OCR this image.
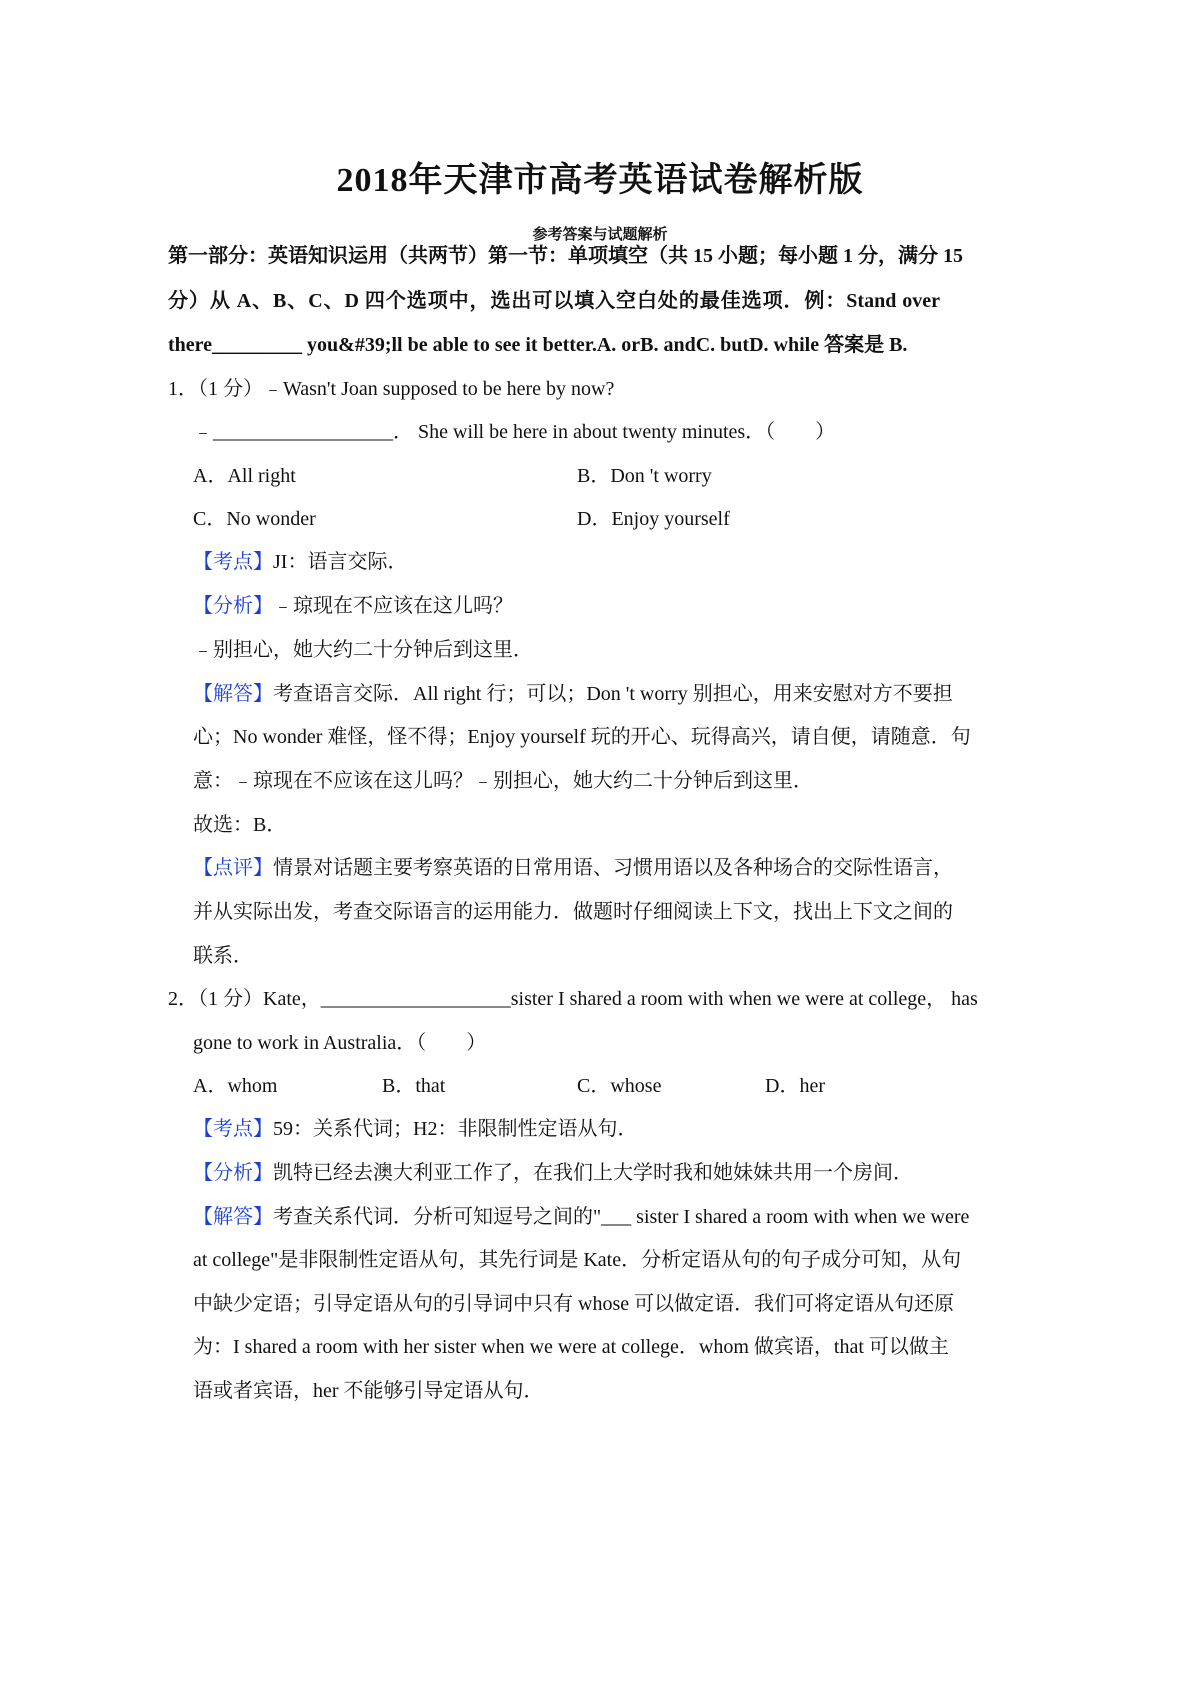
2018年天津市高考英语试卷解析版
参考答案与试题解析
第一部分：英语知识运用（共两节）第一节：单项填空（共 15 小题；每小题 1 分，满分 15
分）从 A、B、C、D 四个选项中，选出可以填入空白处的最佳选项．例：Stand over
there_________ you&#39;ll be able to see it better.A. orB. andC. butD. while 答案是 B.
1．（1 分）﹣Wasn't Joan supposed to be here by now?
﹣__________________． She will be here in about twenty minutes．（　　）
A．All right	B．Don 't worry
C．No wonder	D．Enjoy yourself
【考点】JI：语言交际．
【分析】﹣琼现在不应该在这儿吗？
﹣别担心，她大约二十分钟后到这里．
【解答】考查语言交际．All right 行；可以；Don 't worry 别担心，用来安慰对方不要担
心；No wonder 难怪，怪不得；Enjoy yourself 玩的开心、玩得高兴，请自便，请随意．句
意：﹣琼现在不应该在这儿吗？﹣别担心，她大约二十分钟后到这里．
故选：B．
【点评】情景对话题主要考察英语的日常用语、习惯用语以及各种场合的交际性语言，
并从实际出发，考查交际语言的运用能力．做题时仔细阅读上下文，找出上下文之间的
联系．
2．（1 分）Kate，___________________sister I shared a room with when we were at college， has
gone to work in Australia．（　　）
A．whom	B．that	C．whose	D．her
【考点】59：关系代词；H2：非限制性定语从句．
【分析】凯特已经去澳大利亚工作了，在我们上大学时我和她妹妹共用一个房间．
【解答】考查关系代词．分析可知逗号之间的"___ sister I shared a room with when we were
at college"是非限制性定语从句，其先行词是 Kate．分析定语从句的句子成分可知，从句
中缺少定语；引导定语从句的引导词中只有 whose 可以做定语．我们可将定语从句还原
为：I shared a room with her sister when we were at college．whom 做宾语，that 可以做主
语或者宾语，her 不能够引导定语从句．
